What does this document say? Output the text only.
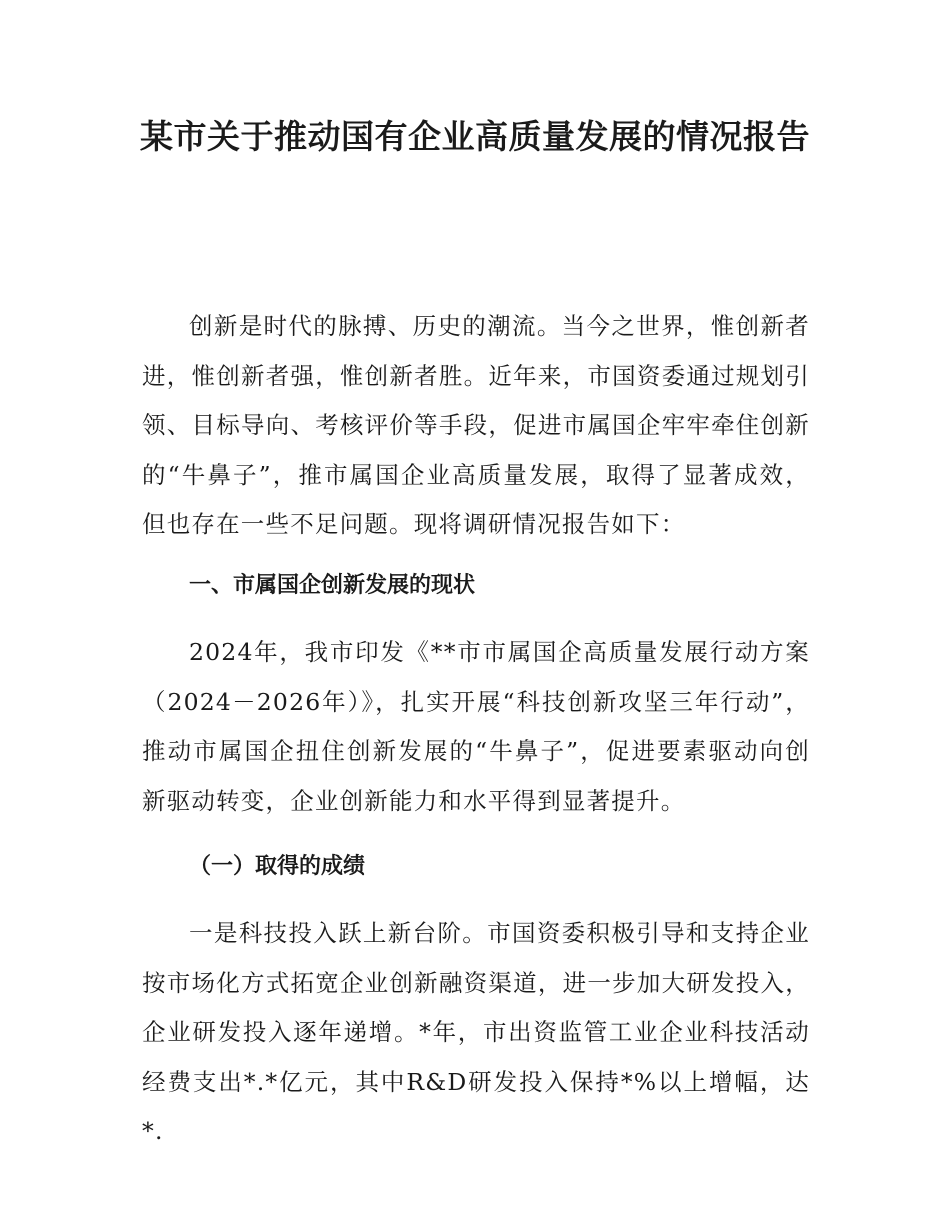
某市关于推动国有企业高质量发展的情况报告

创新是时代的脉搏、历史的潮流。当今之世界，惟创新者进，惟创新者强，惟创新者胜。近年来，市国资委通过规划引领、目标导向、考核评价等手段，促进市属国企牢牢牵住创新的“牛鼻子”，推市属国企业高质量发展，取得了显著成效，但也存在一些不足问题。现将调研情况报告如下：

一、市属国企创新发展的现状

2024年，我市印发《**市市属国企高质量发展行动方案（2024－2026年）》，扎实开展“科技创新攻坚三年行动”，推动市属国企扭住创新发展的“牛鼻子”，促进要素驱动向创新驱动转变，企业创新能力和水平得到显著提升。

（一）取得的成绩

一是科技投入跃上新台阶。市国资委积极引导和支持企业按市场化方式拓宽企业创新融资渠道，进一步加大研发投入，企业研发投入逐年递增。*年，市出资监管工业企业科技活动经费支出*.*亿元，其中R&D研发投入保持*%以上增幅，达*.
